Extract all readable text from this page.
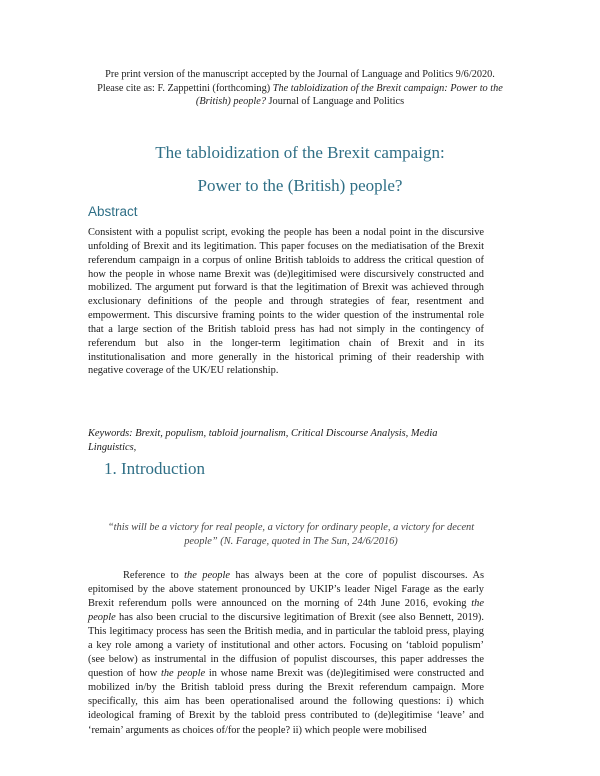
Pre print version of the manuscript accepted by the Journal of Language and Politics 9/6/2020.
Please cite as: F. Zappettini (forthcoming) The tabloidization of the Brexit campaign: Power to the (British) people? Journal of Language and Politics
The tabloidization of the Brexit campaign:
Power to the (British) people?
Abstract
Consistent with a populist script, evoking the people has been a nodal point in the discursive unfolding of Brexit and its legitimation. This paper focuses on the mediatisation of the Brexit referendum campaign in a corpus of online British tabloids to address the critical question of how the people in whose name Brexit was (de)legitimised were discursively constructed and mobilized. The argument put forward is that the legitimation of Brexit was achieved through exclusionary definitions of the people and through strategies of fear, resentment and empowerment. This discursive framing points to the wider question of the instrumental role that a large section of the British tabloid press has had not simply in the contingency of referendum but also in the longer-term legitimation chain of Brexit and in its institutionalisation and more generally in the historical priming of their readership with negative coverage of the UK/EU relationship.
Keywords: Brexit, populism, tabloid journalism, Critical Discourse Analysis, Media Linguistics,
1. Introduction
“this will be a victory for real people, a victory for ordinary people, a victory for decent people” (N. Farage, quoted in The Sun, 24/6/2016)
Reference to the people has always been at the core of populist discourses. As epitomised by the above statement pronounced by UKIP’s leader Nigel Farage as the early Brexit referendum polls were announced on the morning of 24th June 2016, evoking the people has also been crucial to the discursive legitimation of Brexit (see also Bennett, 2019). This legitimacy process has seen the British media, and in particular the tabloid press, playing a key role among a variety of institutional and other actors. Focusing on ‘tabloid populism’ (see below) as instrumental in the diffusion of populist discourses, this paper addresses the question of how the people in whose name Brexit was (de)legitimised were constructed and mobilized in/by the British tabloid press during the Brexit referendum campaign. More specifically, this aim has been operationalised around the following questions: i) which ideological framing of Brexit by the tabloid press contributed to (de)legitimise ‘leave’ and ‘remain’ arguments as choices of/for the people? ii) which people were mobilised
